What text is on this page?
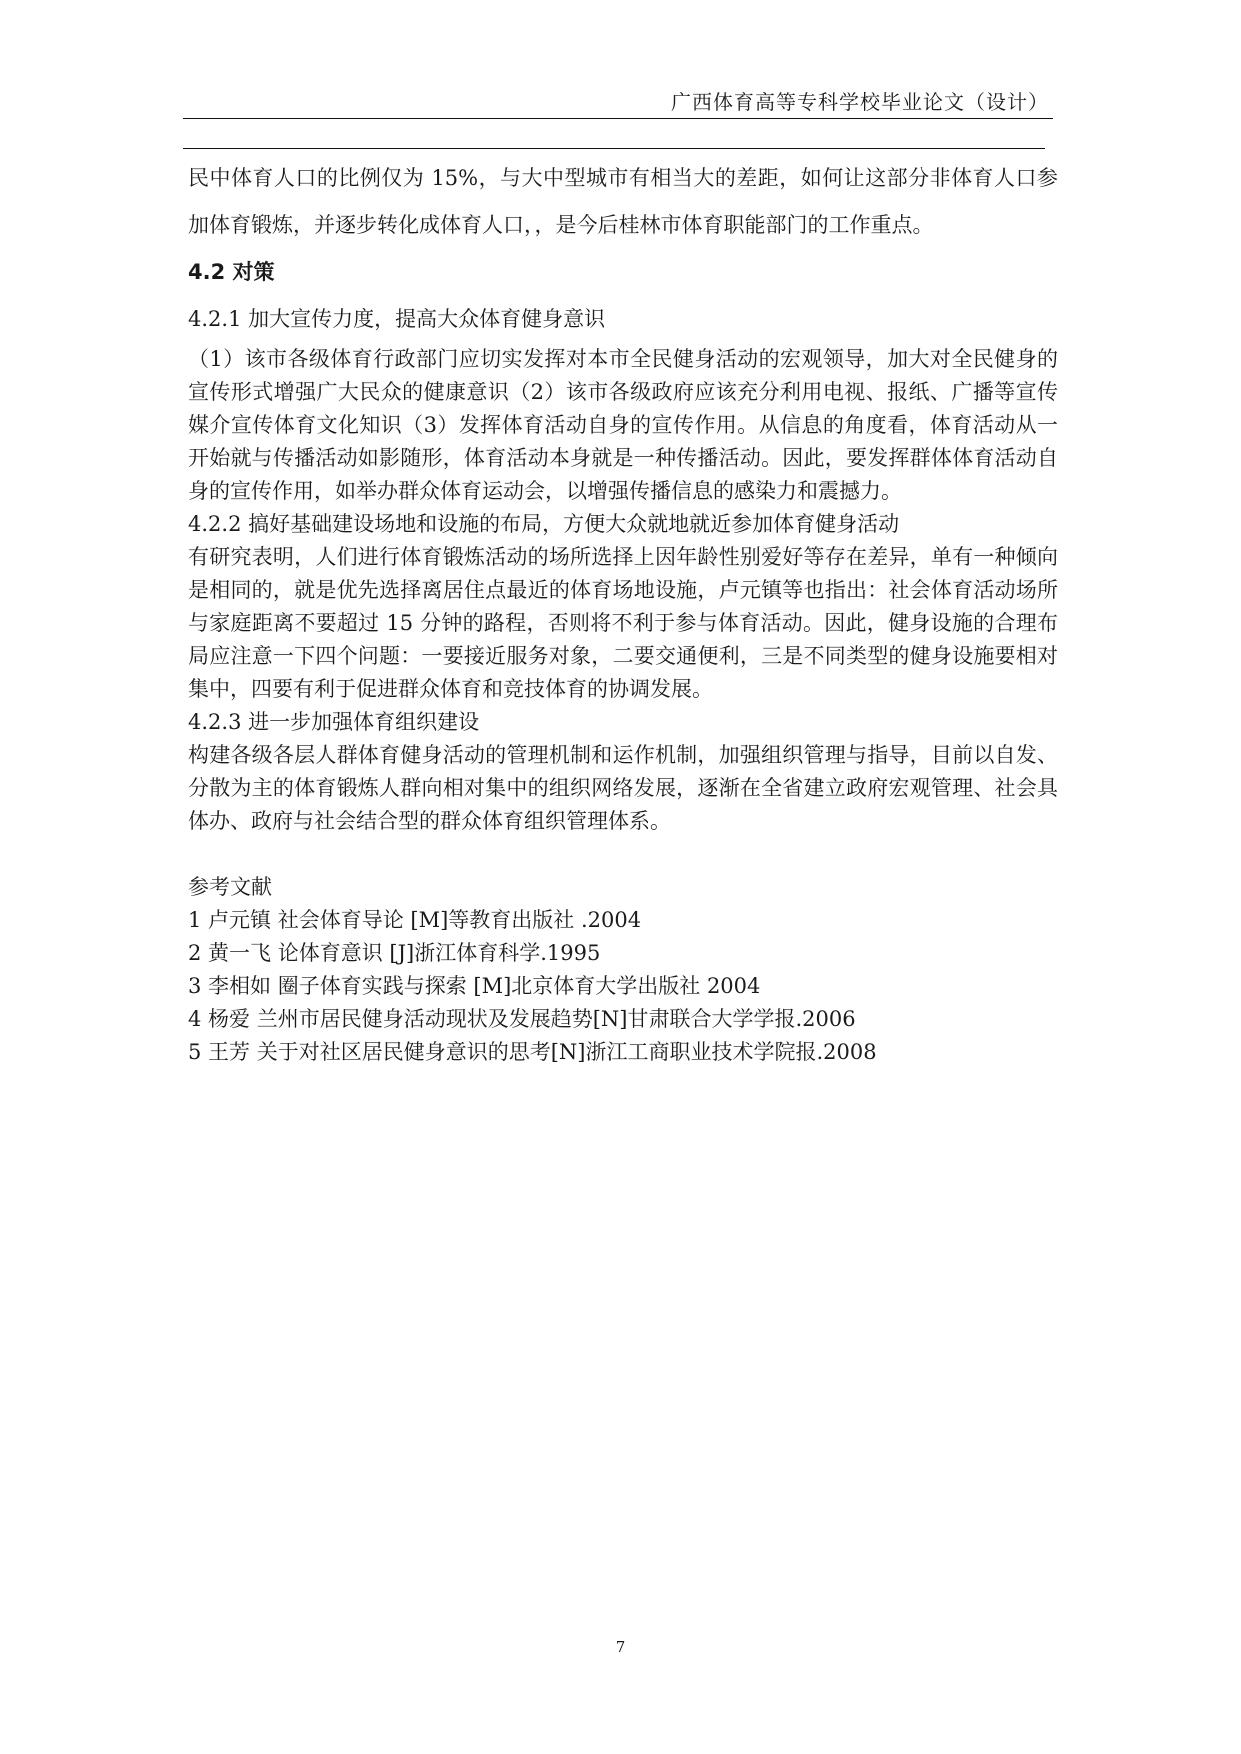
广西体育高等专科学校毕业论文（设计）

民中体育人口的比例仅为 15%，与大中型城市有相当大的差距，如何让这部分非体育人口参加体育锻炼，并逐步转化成体育人口，，是今后桂林市体育职能部门的工作重点。

4.2 对策

4.2.1 加大宣传力度，提高大众体育健身意识

（1）该市各级体育行政部门应切实发挥对本市全民健身活动的宏观领导，加大对全民健身的宣传形式增强广大民众的健康意识（2）该市各级政府应该充分利用电视、报纸、广播等宣传媒介宣传体育文化知识（3）发挥体育活动自身的宣传作用。从信息的角度看，体育活动从一开始就与传播活动如影随形，体育活动本身就是一种传播活动。因此，要发挥群体体育活动自身的宣传作用，如举办群众体育运动会，以增强传播信息的感染力和震撼力。

4.2.2 搞好基础建设场地和设施的布局，方便大众就地就近参加体育健身活动

有研究表明，人们进行体育锻炼活动的场所选择上因年龄性别爱好等存在差异，单有一种倾向是相同的，就是优先选择离居住点最近的体育场地设施，卢元镇等也指出：社会体育活动场所与家庭距离不要超过 15 分钟的路程，否则将不利于参与体育活动。因此，健身设施的合理布局应注意一下四个问题：一要接近服务对象，二要交通便利，三是不同类型的健身设施要相对集中，四要有利于促进群众体育和竞技体育的协调发展。

4.2.3 进一步加强体育组织建设

构建各级各层人群体育健身活动的管理机制和运作机制，加强组织管理与指导，目前以自发、分散为主的体育锻炼人群向相对集中的组织网络发展，逐渐在全省建立政府宏观管理、社会具体办、政府与社会结合型的群众体育组织管理体系。

参考文献
1 卢元镇 社会体育导论 [M]等教育出版社 .2004
2 黄一飞 论体育意识 [J]浙江体育科学.1995
3 李相如 圈子体育实践与探索 [M]北京体育大学出版社 2004
4 杨爱 兰州市居民健身活动现状及发展趋势[N]甘肃联合大学学报.2006
5 王芳 关于对社区居民健身意识的思考[N]浙江工商职业技术学院报.2008
7
